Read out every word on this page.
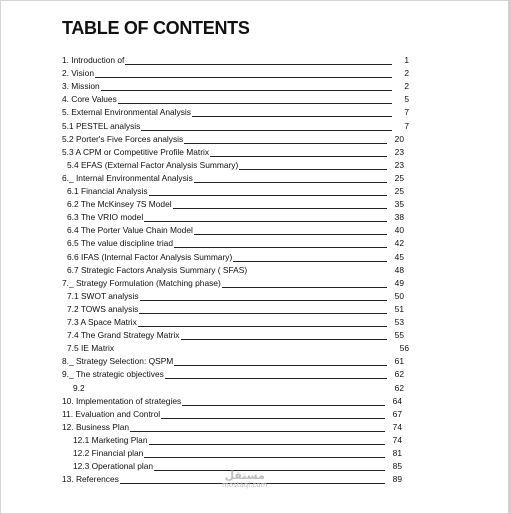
TABLE OF CONTENTS
1. Introduction of	1
2. Vision	2
3. Mission	2
4. Core Values	5
5. External Environmental Analysis	7
5.1 PESTEL analysis	7
5.2 Porter's Five Forces analysis	20
5.3 A CPM or Competitive Profile Matrix	23
5.4 EFAS (External Factor Analysis Summary)	23
6._ Internal Environmental Analysis	25
6.1 Financial Analysis	25
6.2 The McKinsey 7S Model	35
6.3 The VRIO model	38
6.4 The Porter Value Chain Model	40
6.5 The value discipline triad	42
6.6 IFAS (Internal Factor Analysis Summary)	45
6.7 Strategic Factors Analysis Summary ( SFAS)	48
7._ Strategy Formulation (Matching phase)	49
7.1 SWOT analysis	50
7.2 TOWS analysis	51
7.3 A Space Matrix	53
7.4 The Grand Strategy Matrix	55
7.5 IE Matrix	56
8._ Strategy Selection: QSPM	61
9._ The strategic objectives	62
9.2	62
10. Implementation of strategies	64
11. Evaluation and Control	67
12. Business Plan	74
12.1 Marketing Plan	74
12.2 Financial plan	81
12.3 Operational plan	85
13. References	89
مستقل
mostaql.com
